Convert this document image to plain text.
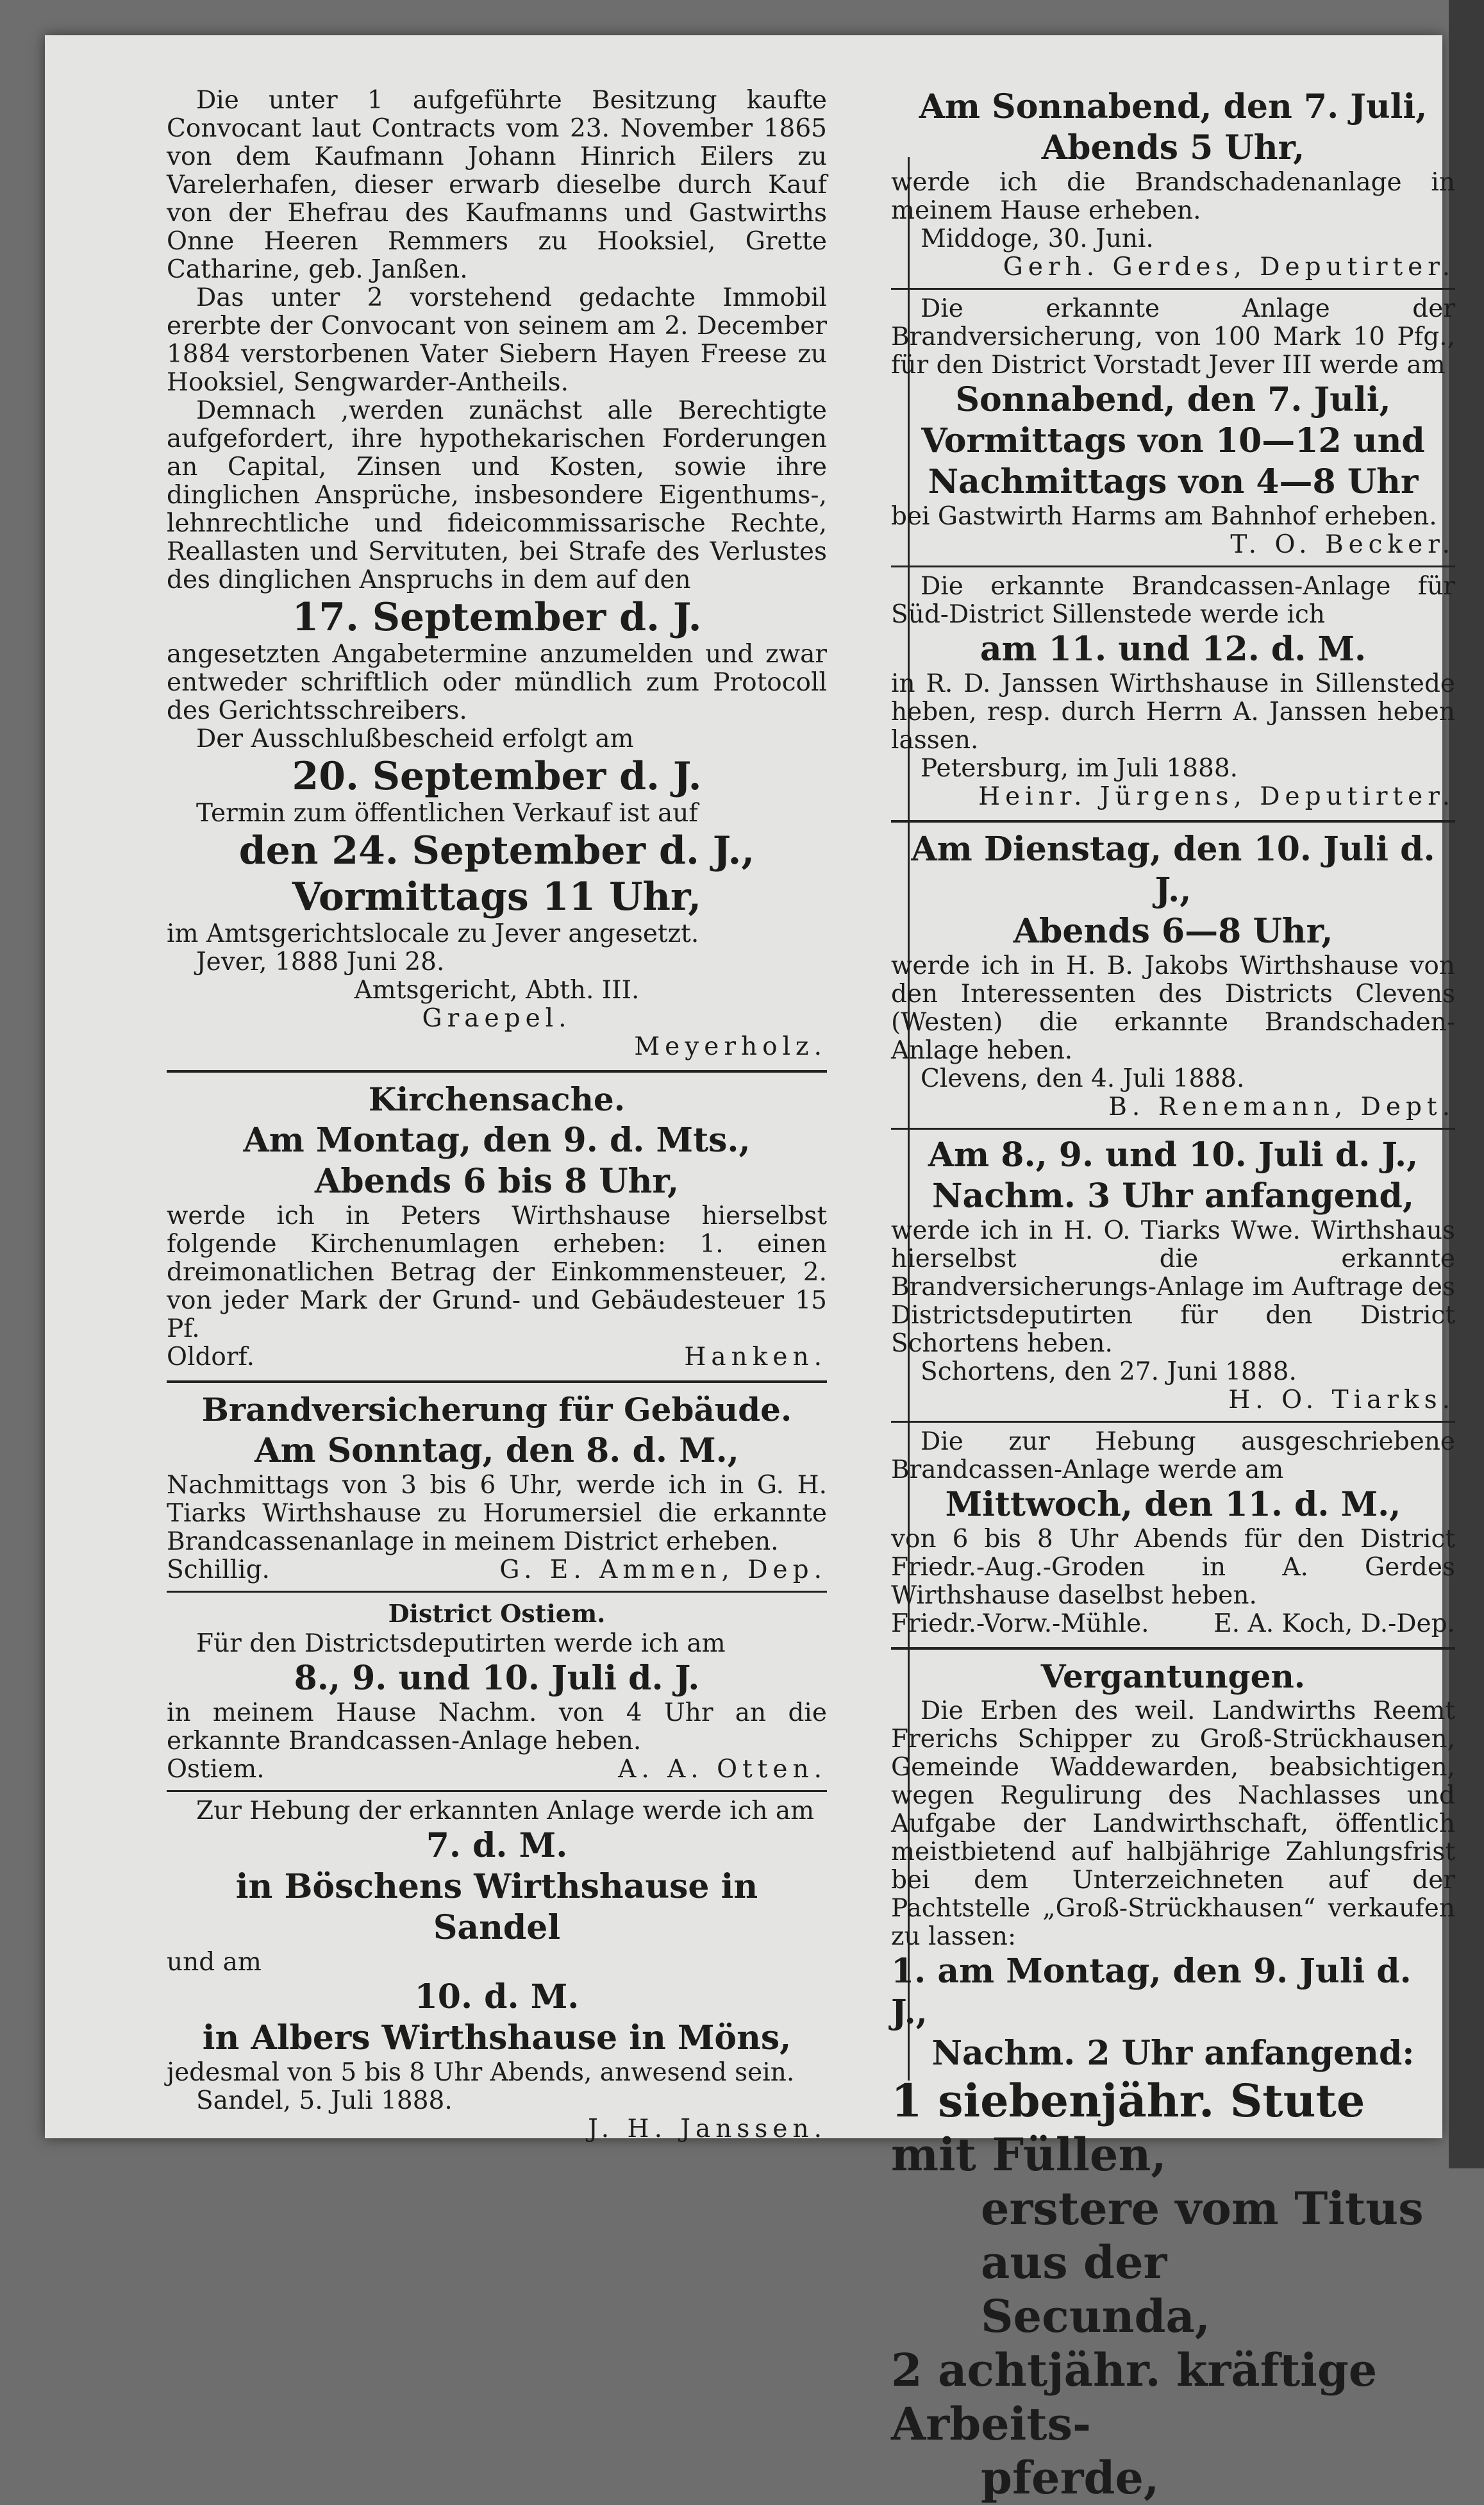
Die unter 1 aufgeführte Besitzung kaufte Convocant laut Contracts vom 23. November 1865 von dem Kaufmann Johann Hinrich Eilers zu Varelerhafen, dieser erwarb dieselbe durch Kauf von der Ehefrau des Kaufmanns und Gastwirths Onne Heeren Remmers zu Hooksiel, Grette Catharine, geb. Janßen.

Das unter 2 vorstehend gedachte Immobil ererbte der Convocant von seinem am 2. December 1884 verstorbenen Vater Siebern Hayen Freese zu Hooksiel, Sengwarder-Antheils.

Demnach ,werden zunächst alle Berechtigte aufgefordert, ihre hypothekarischen Forderungen an Capital, Zinsen und Kosten, sowie ihre dinglichen Ansprüche, insbesondere Eigenthums-, lehnrechtliche und fideicommissarische Rechte, Reallasten und Servituten, bei Strafe des Verlustes des dinglichen Anspruchs in dem auf den

17. September d. J.

angesetzten Angabetermine anzumelden und zwar entweder schriftlich oder mündlich zum Protocoll des Gerichtsschreibers.

Der Ausschlußbescheid erfolgt am

20. September d. J.

Termin zum öffentlichen Verkauf ist auf

den 24. September d. J.,
Vormittags 11 Uhr,

im Amtsgerichtslocale zu Jever angesetzt.

Jever, 1888 Juni 28.

Amtsgericht, Abth. III.

Graepel.

Meyerholz.

Kirchensache.
Am Montag, den 9. d. Mts.,
Abends 6 bis 8 Uhr,

werde ich in Peters Wirthshause hierselbst folgende Kirchenumlagen erheben: 1. einen dreimonatlichen Betrag der Einkommensteuer, 2. von jeder Mark der Grund- und Gebäudesteuer 15 Pf.

Oldorf.	Hanken.
Brandversicherung für Gebäude.
Am Sonntag, den 8. d. M.,

Nachmittags von 3 bis 6 Uhr, werde ich in G. H. Tiarks Wirthshause zu Horumersiel die erkannte Brandcassenanlage in meinem District erheben.

Schillig.	G. E. Ammen, Dep.
District Ostiem.

Für den Districtsdeputirten werde ich am

8., 9. und 10. Juli d. J.

in meinem Hause Nachm. von 4 Uhr an die erkannte Brandcassen-Anlage heben.

Ostiem.	A. A. Otten.

Zur Hebung der erkannten Anlage werde ich am

7. d. M.
in Böschens Wirthshause in Sandel

und am

10. d. M.
in Albers Wirthshause in Möns,

jedesmal von 5 bis 8 Uhr Abends, anwesend sein.

Sandel, 5. Juli 1888.

J. H. Janssen.

Am Sonnabend, den 7. Juli,
Abends 5 Uhr,

werde ich die Brandschadenanlage in meinem Hause erheben.

Middoge, 30. Juni.

Gerh. Gerdes, Deputirter.

Die erkannte Anlage der Brandversicherung, von 100 Mark 10 Pfg., für den District Vorstadt Jever III werde am

Sonnabend, den 7. Juli,
Vormittags von 10—12 und Nachmittags von 4—8 Uhr

bei Gastwirth Harms am Bahnhof erheben.

T. O. Becker.

Die erkannte Brandcassen-Anlage für Süd-District Sillenstede werde ich

am 11. und 12. d. M.

in R. D. Janssen Wirthshause in Sillenstede heben, resp. durch Herrn A. Janssen heben lassen.

Petersburg, im Juli 1888.

Heinr. Jürgens, Deputirter.

Am Dienstag, den 10. Juli d. J.,
Abends 6—8 Uhr,

werde ich in H. B. Jakobs Wirthshause von den Interessenten des Districts Clevens (Westen) die erkannte Brandschaden-Anlage heben.

Clevens, den 4. Juli 1888.

B. Renemann, Dept.

Am 8., 9. und 10. Juli d. J.,
Nachm. 3 Uhr anfangend,

werde ich in H. O. Tiarks Wwe. Wirthshaus hierselbst die erkannte Brandversicherungs-Anlage im Auftrage des Districtsdeputirten für den District Schortens heben.

Schortens, den 27. Juni 1888.

H. O. Tiarks.

Die zur Hebung ausgeschriebene Brandcassen-Anlage werde am

Mittwoch, den 11. d. M.,

von 6 bis 8 Uhr Abends für den District Friedr.-Aug.-Groden in A. Gerdes Wirthshause daselbst heben.

Friedr.-Vorw.-Mühle.	E. A. Koch, D.-Dep.
Vergantungen.

Die Erben des weil. Landwirths Reemt Frerichs Schipper zu Groß-Strückhausen, Gemeinde Waddewarden, beabsichtigen, wegen Regulirung des Nachlasses und Aufgabe der Landwirthschaft, öffentlich meistbietend auf halbjährige Zahlungsfrist bei dem Unterzeichneten auf der Pachtstelle „Groß-Strückhausen“ verkaufen zu lassen:

1. am Montag, den 9. Juli d. J.,
Nachm. 2 Uhr anfangend:
1 siebenjähr. Stute mit Füllen,
erstere vom Titus aus der
Secunda,
2 achtjähr. kräftige Arbeits-
pferde,
